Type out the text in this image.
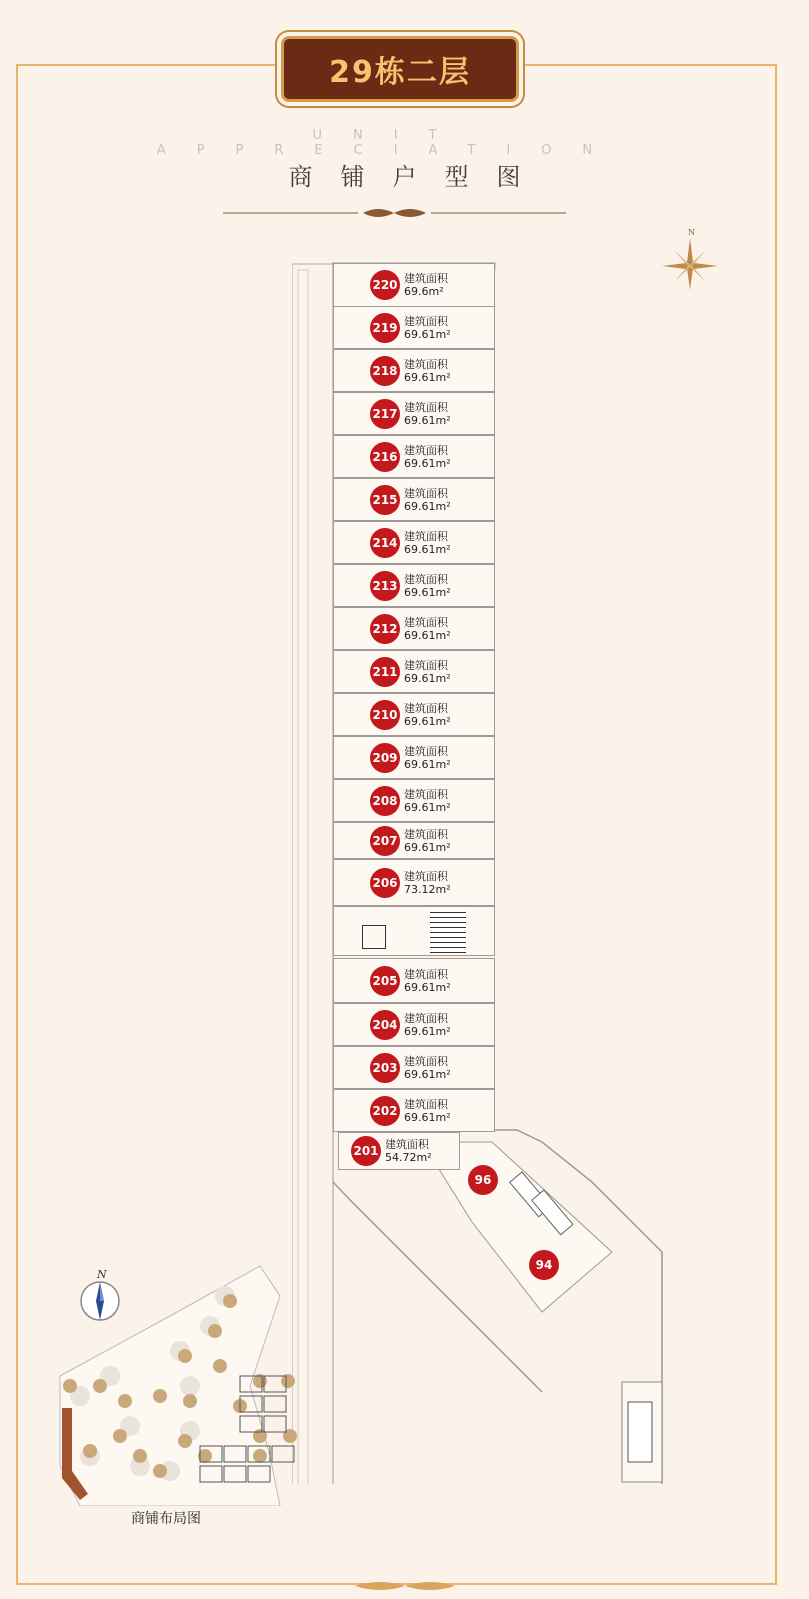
29栋二层
UNIT APPRECIATION
商铺户型图
N
220 建筑面积
69.6m²
219 建筑面积
69.61m²
218 建筑面积
69.61m²
217 建筑面积
69.61m²
216 建筑面积
69.61m²
215 建筑面积
69.61m²
214 建筑面积
69.61m²
213 建筑面积
69.61m²
212 建筑面积
69.61m²
211 建筑面积
69.61m²
210 建筑面积
69.61m²
209 建筑面积
69.61m²
208 建筑面积
69.61m²
207 建筑面积
69.61m²
206 建筑面积
73.12m²
205 建筑面积
69.61m²
204 建筑面积
69.61m²
203 建筑面积
69.61m²
202 建筑面积
69.61m²
201 建筑面积
54.72m²
96
94
N
商铺布局图
